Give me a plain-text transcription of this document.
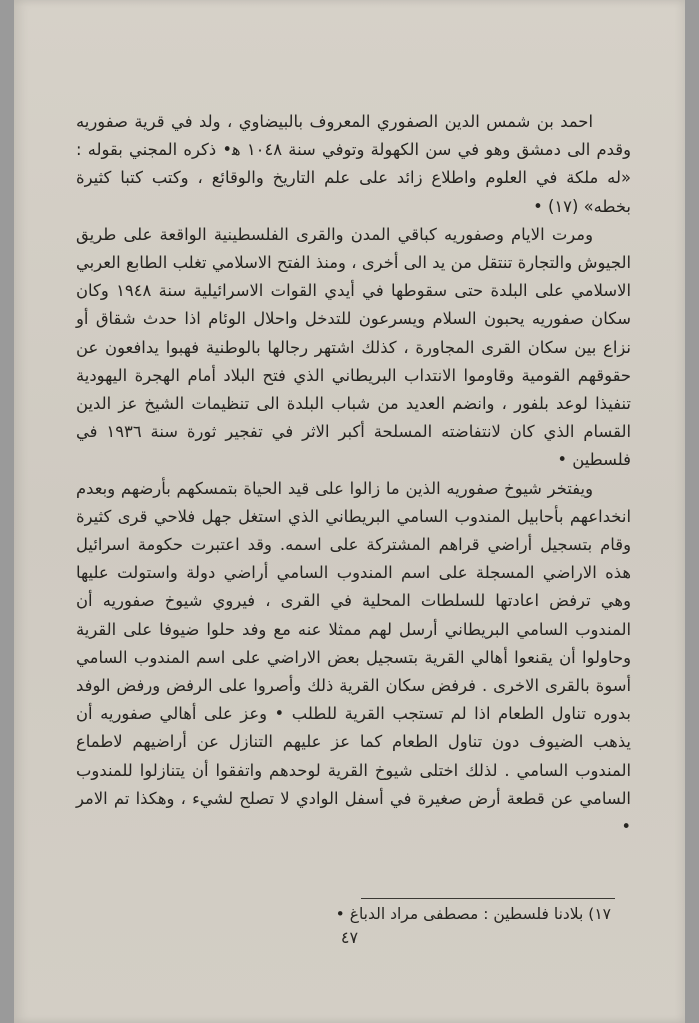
احمد بن شمس الدين الصفوري المعروف بالبيضاوي ، ولد في قرية صفوريه وقدم الى دمشق وهو في سن الكهولة وتوفي سنة ١٠٤٨ ﻫ• ذكره المجني بقوله : «له ملكة في العلوم واطلاع زائد على علم التاريخ والوقائع ، وكتب كتبا كثيرة بخطه» (١٧) •

ومرت الايام وصفوريه كباقي المدن والقرى الفلسطينية الواقعة على طريق الجيوش والتجارة تنتقل من يد الى أخرى ، ومنذ الفتح الاسلامي تغلب الطابع العربي الاسلامي على البلدة حتى سقوطها في أيدي القوات الاسرائيلية سنة ١٩٤٨ وكان سكان صفوريه يحبون السلام ويسرعون للتدخل واحلال الوئام اذا حدث شقاق أو نزاع بين سكان القرى المجاورة ، كذلك اشتهر رجالها بالوطنية فهبوا يدافعون عن حقوقهم القومية وقاوموا الانتداب البريطاني الذي فتح البلاد أمام الهجرة اليهودية تنفيذا لوعد بلفور ، وانضم العديد من شباب البلدة الى تنظيمات الشيخ عز الدين القسام الذي كان لانتفاضته المسلحة أكبر الاثر في تفجير ثورة سنة ١٩٣٦ في فلسطين •

ويفتخر شيوخ صفوريه الذين ما زالوا على قيد الحياة بتمسكهم بأرضهم وبعدم انخداعهم بأحابيل المندوب السامي البريطاني الذي استغل جهل فلاحي قرى كثيرة وقام بتسجيل أراضي قراهم المشتركة على اسمه. وقد اعتبرت حكومة اسرائيل هذه الاراضي المسجلة على اسم المندوب السامي أراضي دولة واستولت عليها وهي ترفض اعادتها للسلطات المحلية في القرى ، فيروي شيوخ صفوريه أن المندوب السامي البريطاني أرسل لهم ممثلا عنه مع وفد حلوا ضيوفا على القرية وحاولوا أن يقنعوا أهالي القرية بتسجيل بعض الاراضي على اسم المندوب السامي أسوة بالقرى الاخرى . فرفض سكان القرية ذلك وأصروا على الرفض ورفض الوفد بدوره تناول الطعام اذا لم تستجب القرية للطلب • وعز على أهالي صفوريه أن يذهب الضيوف دون تناول الطعام كما عز عليهم التنازل عن أراضيهم لاطماع المندوب السامي . لذلك اختلى شيوخ القرية لوحدهم واتفقوا أن يتنازلوا للمندوب السامي عن قطعة أرض صغيرة في أسفل الوادي لا تصلح لشيء ، وهكذا تم الامر •

١٧) بلادنا فلسطين : مصطفى مراد الدباغ •
٤٧
